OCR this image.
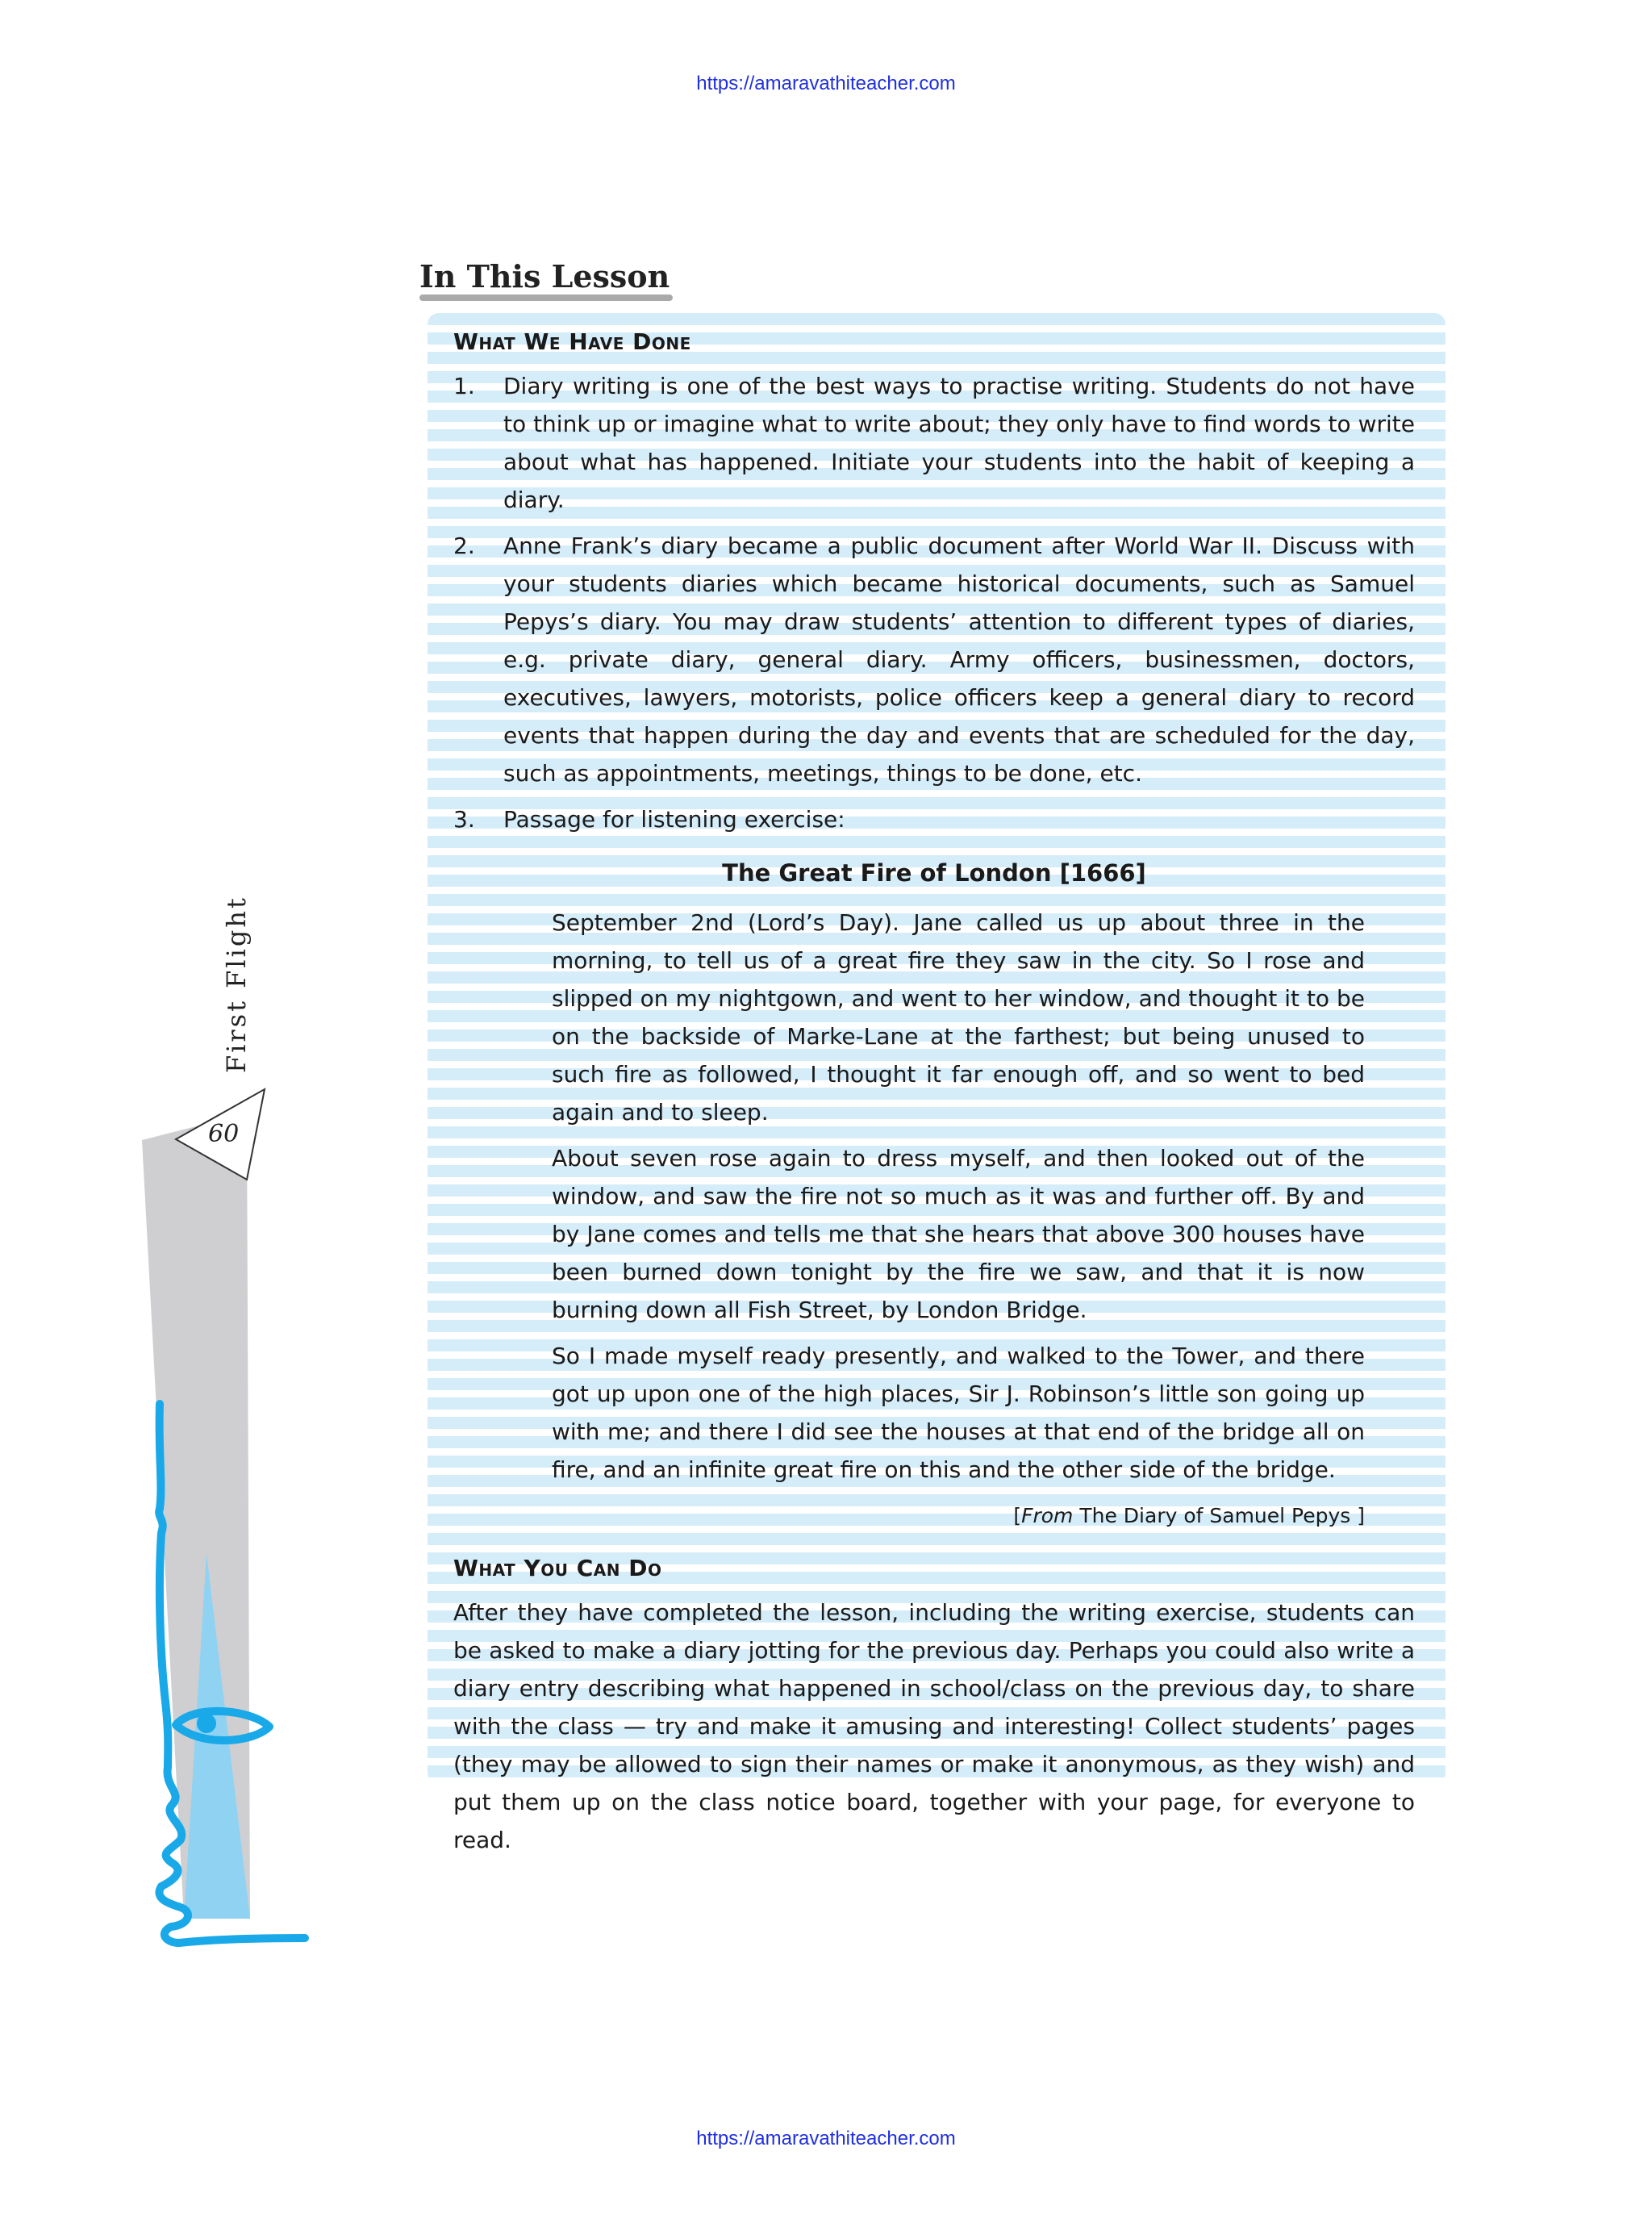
https://amaravathiteacher.com
First Flight
60
In This Lesson
What We Have Done
1.	Diary writing is one of the best ways to practise writing. Students do not have to think up or imagine what to write about; they only have to find words to write about what has happened. Initiate your students into the habit of keeping a diary.
2.	Anne Frank’s diary became a public document after World War II. Discuss with your students diaries which became historical documents, such as Samuel Pepys’s diary. You may draw students’ attention to different types of diaries, e.g. private diary, general diary. Army officers, businessmen, doctors, executives, lawyers, motorists, police officers keep a general diary to record events that happen during the day and events that are scheduled for the day, such as appointments, meetings, things to be done, etc.
3.	Passage for listening exercise:
The Great Fire of London [1666]

September 2nd (Lord’s Day). Jane called us up about three in the morning, to tell us of a great fire they saw in the city. So I rose and slipped on my nightgown, and went to her window, and thought it to be on the backside of Marke-Lane at the farthest; but being unused to such fire as followed, I thought it far enough off, and so went to bed again and to sleep.

About seven rose again to dress myself, and then looked out of the window, and saw the fire not so much as it was and further off. By and by Jane comes and tells me that she hears that above 300 houses have been burned down tonight by the fire we saw, and that it is now burning down all Fish Street, by London Bridge.

So I made myself ready presently, and walked to the Tower, and there got up upon one of the high places, Sir J. Robinson’s little son going up with me; and there I did see the houses at that end of the bridge all on fire, and an infinite great fire on this and the other side of the bridge.

[From The Diary of Samuel Pepys ]
What You Can Do
After they have completed the lesson, including the writing exercise, students can be asked to make a diary jotting for the previous day. Perhaps you could also write a diary entry describing what happened in school/class on the previous day, to share with the class — try and make it amusing and interesting! Collect students’ pages (they may be allowed to sign their names or make it anonymous, as they wish) and put them up on the class notice board, together with your page, for everyone to read.
https://amaravathiteacher.com
